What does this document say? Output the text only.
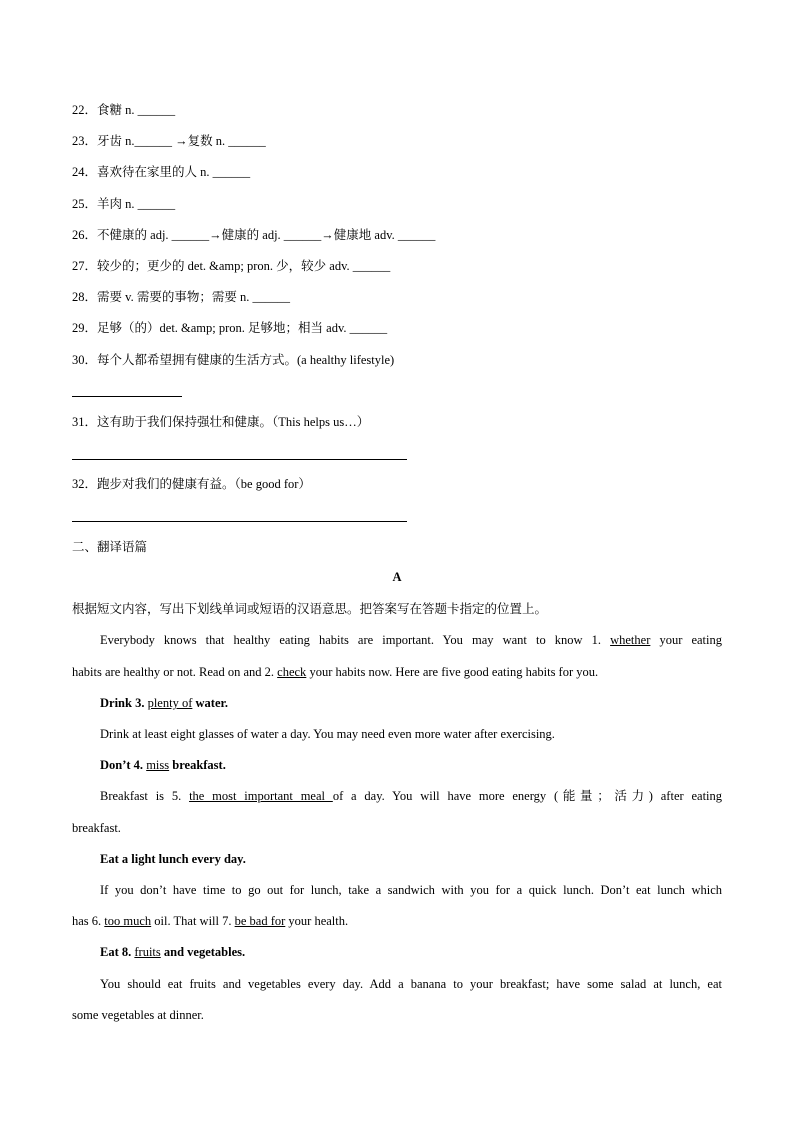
22．食糖 n. ______
23．牙齿 n.______ →复数 n. ______
24．喜欢待在家里的人 n. ______
25．羊肉 n. ______
26．不健康的 adj. ______→健康的 adj. ______→健康地 adv. ______
27．较少的；更少的 det. &amp; pron. 少，较少 adv. ______
28．需要 v. 需要的事物；需要 n. ______
29．足够（的）det. &amp; pron. 足够地；相当 adv. ______
30．每个人都希望拥有健康的生活方式。(a healthy lifestyle)
31．这有助于我们保持强壮和健康。（This helps us…）
32．跑步对我们的健康有益。（be good for）
二、翻译语篇
A
根据短文内容，写出下划线单词或短语的汉语意思。把答案写在答题卡指定的位置上。
Everybody knows that healthy eating habits are important. You may want to know 1. whether your eating
habits are healthy or not. Read on and 2. check your habits now. Here are five good eating habits for you.
Drink 3. plenty of water.
Drink at least eight glasses of water a day. You may need even more water after exercising.
Don’t 4. miss breakfast.
Breakfast is 5. the most important meal of a day. You will have more energy (能量；活力) after eating
breakfast.
Eat a light lunch every day.
If you don’t have time to go out for lunch, take a sandwich with you for a quick lunch. Don’t eat lunch which
has 6. too much oil. That will 7. be bad for your health.
Eat 8. fruits and vegetables.
You should eat fruits and vegetables every day. Add a banana to your breakfast; have some salad at lunch, eat
some vegetables at dinner.
